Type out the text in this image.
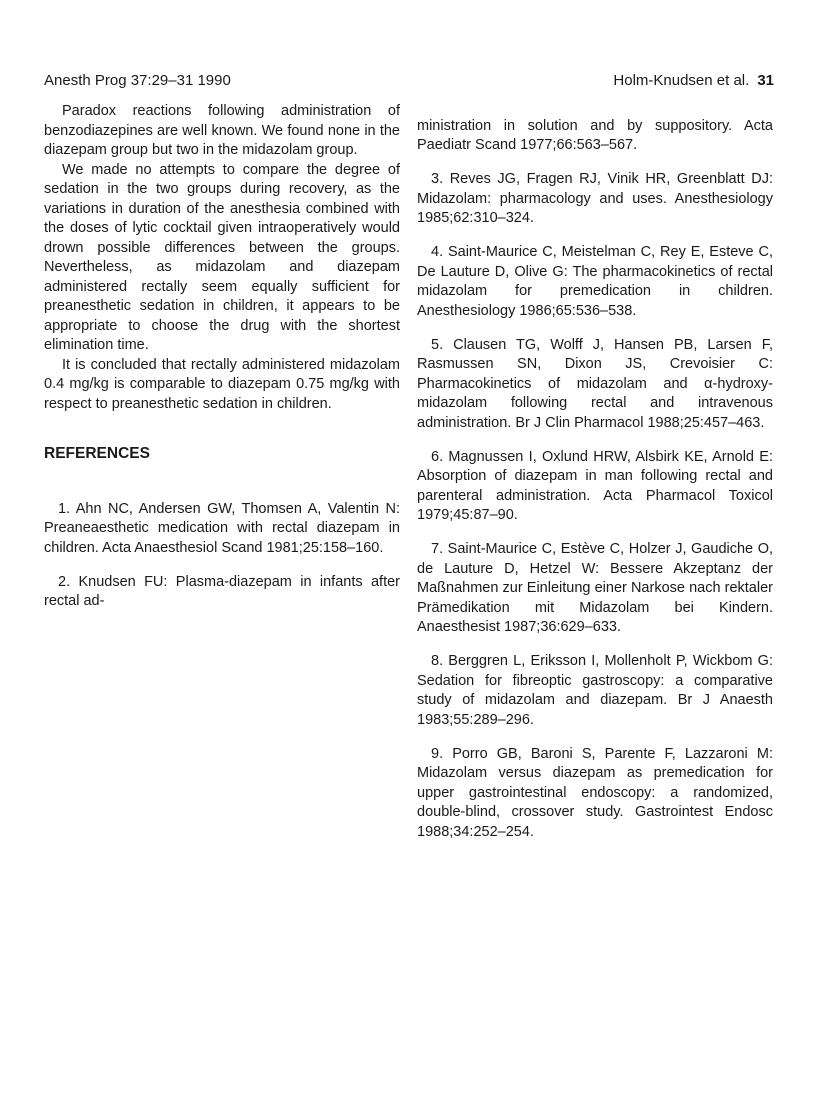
Anesth Prog 37:29–31 1990	Holm-Knudsen et al. 31

Paradox reactions following administration of benzodiazepines are well known. We found none in the diazepam group but two in the midazolam group.

We made no attempts to compare the degree of sedation in the two groups during recovery, as the variations in duration of the anesthesia combined with the doses of lytic cocktail given intraoperatively would drown possible differences between the groups. Nevertheless, as midazolam and diazepam administered rectally seem equally sufficient for preanesthetic sedation in children, it appears to be appropriate to choose the drug with the shortest elimination time.

It is concluded that rectally administered midazolam 0.4 mg/kg is comparable to diazepam 0.75 mg/kg with respect to preanesthetic sedation in children.

REFERENCES

1. Ahn NC, Andersen GW, Thomsen A, Valentin N: Preaneaesthetic medication with rectal diazepam in children. Acta Anaesthesiol Scand 1981;25:158–160.

2. Knudsen FU: Plasma-diazepam in infants after rectal ad-

ministration in solution and by suppository. Acta Paediatr Scand 1977;66:563–567.

3. Reves JG, Fragen RJ, Vinik HR, Greenblatt DJ: Midazolam: pharmacology and uses. Anesthesiology 1985;62:310–324.

4. Saint-Maurice C, Meistelman C, Rey E, Esteve C, De Lauture D, Olive G: The pharmacokinetics of rectal midazolam for premedication in children. Anesthesiology 1986;65:536–538.

5. Clausen TG, Wolff J, Hansen PB, Larsen F, Rasmussen SN, Dixon JS, Crevoisier C: Pharmacokinetics of midazolam and α-hydroxy-midazolam following rectal and intravenous administration. Br J Clin Pharmacol 1988;25:457–463.

6. Magnussen I, Oxlund HRW, Alsbirk KE, Arnold E: Absorption of diazepam in man following rectal and parenteral administration. Acta Pharmacol Toxicol 1979;45:87–90.

7. Saint-Maurice C, Estève C, Holzer J, Gaudiche O, de Lauture D, Hetzel W: Bessere Akzeptanz der Maßnahmen zur Einleitung einer Narkose nach rektaler Prämedikation mit Midazolam bei Kindern. Anaesthesist 1987;36:629–633.

8. Berggren L, Eriksson I, Mollenholt P, Wickbom G: Sedation for fibreoptic gastroscopy: a comparative study of midazolam and diazepam. Br J Anaesth 1983;55:289–296.

9. Porro GB, Baroni S, Parente F, Lazzaroni M: Midazolam versus diazepam as premedication for upper gastrointestinal endoscopy: a randomized, double-blind, crossover study. Gastrointest Endosc 1988;34:252–254.
